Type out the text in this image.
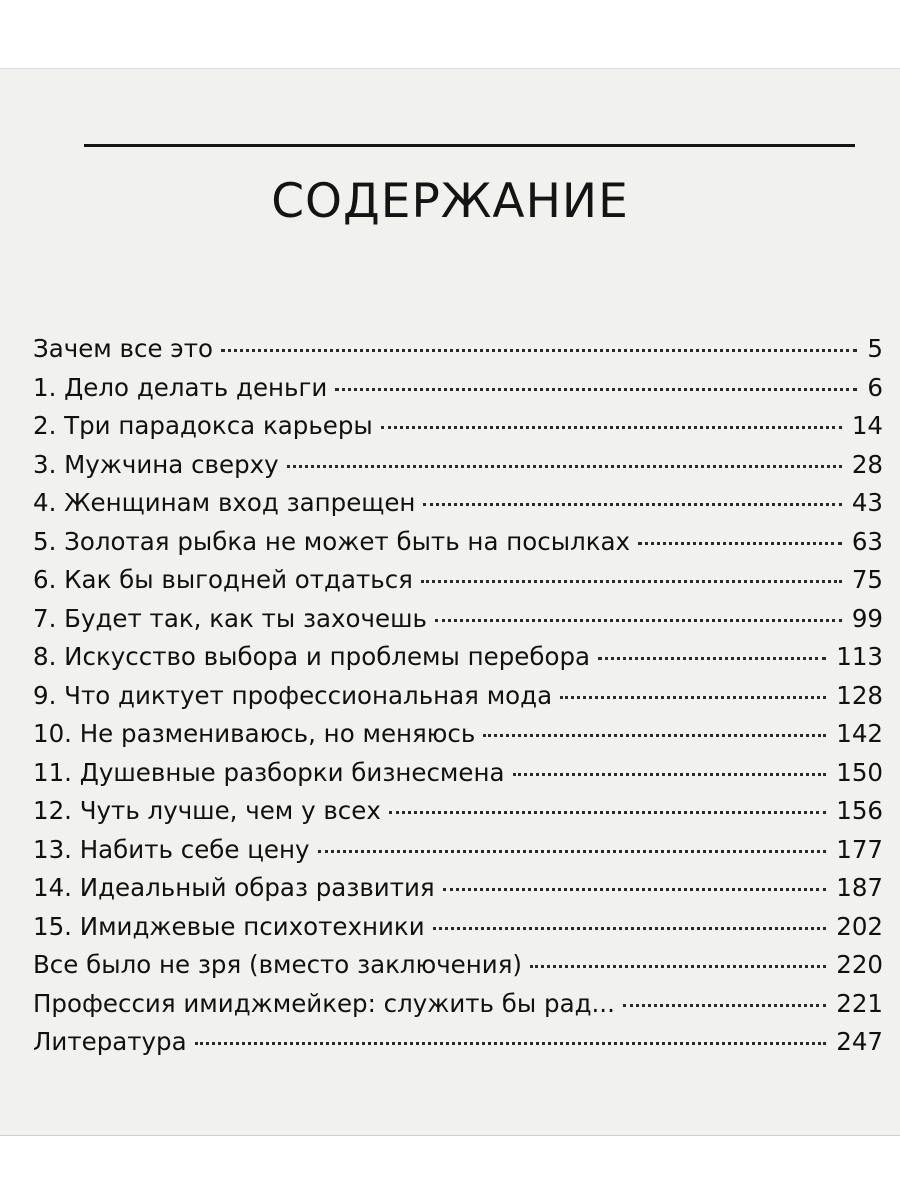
СОДЕРЖАНИЕ
Зачем все это	5
1. Дело делать деньги	6
2. Три парадокса карьеры	14
3. Мужчина сверху	28
4. Женщинам вход запрещен	43
5. Золотая рыбка не может быть на посылках	63
6. Как бы выгодней отдаться	75
7. Будет так, как ты захочешь	99
8. Искусство выбора и проблемы перебора	113
9. Что диктует профессиональная мода	128
10. Не размениваюсь, но меняюсь	142
11. Душевные разборки бизнесмена	150
12. Чуть лучше, чем у всех	156
13. Набить себе цену	177
14. Идеальный образ развития	187
15. Имиджевые психотехники	202
Все было не зря (вместо заключения)	220
Профессия имиджмейкер: служить бы рад...	221
Литература	247
